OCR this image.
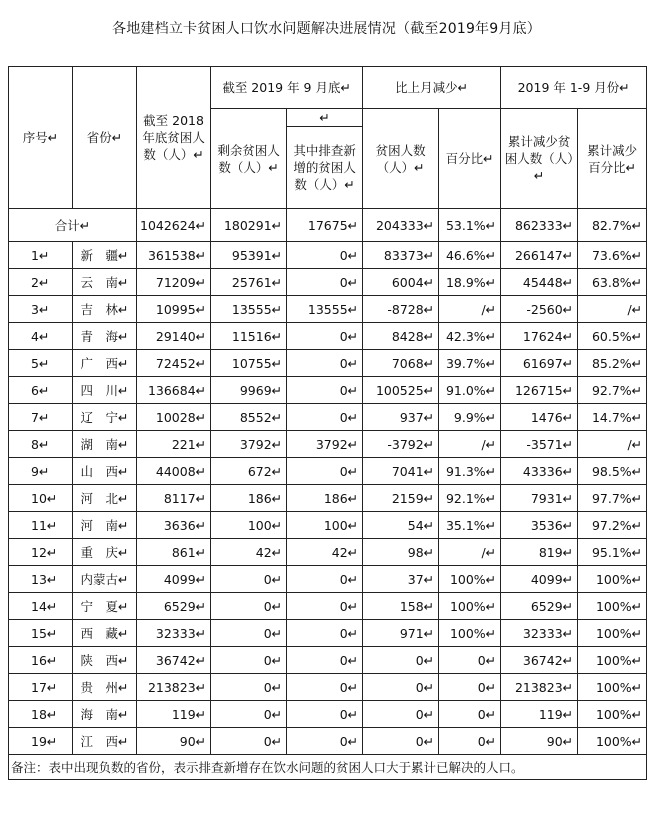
各地建档立卡贫困人口饮水问题解决进展情况（截至2019年9月底）
序号↵	省份↵	截至 2018 年底贫困人数（人）↵	截至 2019 年 9 月底↵		比上月减少↵		2019 年 1-9 月份↵	
			剩余贫困人数（人）↵	↵	贫困人数（人）↵	百分比↵	累计减少贫困人数（人）↵	累计减少百分比↵
				其中排查新增的贫困人数（人）↵				
合计↵		1042624↵	180291↵	17675↵	204333↵	53.1%↵	862333↵	82.7%↵
1↵	新　疆↵	361538↵	95391↵	0↵	83373↵	46.6%↵	266147↵	73.6%↵
2↵	云　南↵	71209↵	25761↵	0↵	6004↵	18.9%↵	45448↵	63.8%↵
3↵	吉　林↵	10995↵	13555↵	13555↵	-8728↵	/↵	-2560↵	/↵
4↵	青　海↵	29140↵	11516↵	0↵	8428↵	42.3%↵	17624↵	60.5%↵
5↵	广　西↵	72452↵	10755↵	0↵	7068↵	39.7%↵	61697↵	85.2%↵
6↵	四　川↵	136684↵	9969↵	0↵	100525↵	91.0%↵	126715↵	92.7%↵
7↵	辽　宁↵	10028↵	8552↵	0↵	937↵	9.9%↵	1476↵	14.7%↵
8↵	湖　南↵	221↵	3792↵	3792↵	-3792↵	/↵	-3571↵	/↵
9↵	山　西↵	44008↵	672↵	0↵	7041↵	91.3%↵	43336↵	98.5%↵
10↵	河　北↵	8117↵	186↵	186↵	2159↵	92.1%↵	7931↵	97.7%↵
11↵	河　南↵	3636↵	100↵	100↵	54↵	35.1%↵	3536↵	97.2%↵
12↵	重　庆↵	861↵	42↵	42↵	98↵	/↵	819↵	95.1%↵
13↵	内蒙古↵	4099↵	0↵	0↵	37↵	100%↵	4099↵	100%↵
14↵	宁　夏↵	6529↵	0↵	0↵	158↵	100%↵	6529↵	100%↵
15↵	西　藏↵	32333↵	0↵	0↵	971↵	100%↵	32333↵	100%↵
16↵	陕　西↵	36742↵	0↵	0↵	0↵	0↵	36742↵	100%↵
17↵	贵　州↵	213823↵	0↵	0↵	0↵	0↵	213823↵	100%↵
18↵	海　南↵	119↵	0↵	0↵	0↵	0↵	119↵	100%↵
19↵	江　西↵	90↵	0↵	0↵	0↵	0↵	90↵	100%↵
备注：表中出现负数的省份，表示排查新增存在饮水问题的贫困人口大于累计已解决的人口。								
